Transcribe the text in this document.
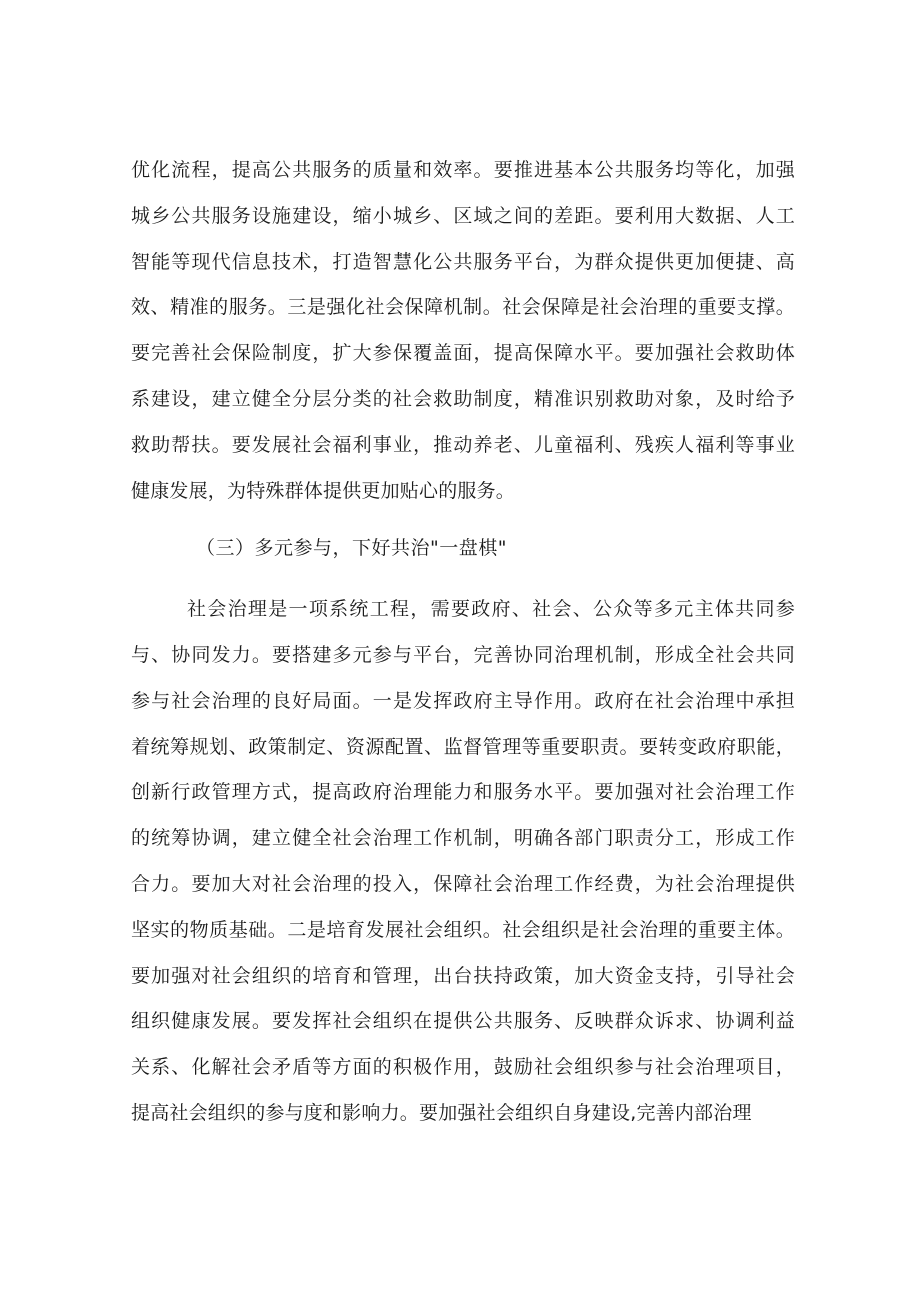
优化流程，提高公共服务的质量和效率。要推进基本公共服务均等化，加强
城乡公共服务设施建设，缩小城乡、区域之间的差距。要利用大数据、人工
智能等现代信息技术，打造智慧化公共服务平台，为群众提供更加便捷、高
效、精准的服务。三是强化社会保障机制。社会保障是社会治理的重要支撑。
要完善社会保险制度，扩大参保覆盖面，提高保障水平。要加强社会救助体
系建设，建立健全分层分类的社会救助制度，精准识别救助对象，及时给予
救助帮扶。要发展社会福利事业，推动养老、儿童福利、残疾人福利等事业
健康发展，为特殊群体提供更加贴心的服务。
（三）多元参与，下好共治"一盘棋"
社会治理是一项系统工程，需要政府、社会、公众等多元主体共同参
与、协同发力。要搭建多元参与平台，完善协同治理机制，形成全社会共同
参与社会治理的良好局面。一是发挥政府主导作用。政府在社会治理中承担
着统筹规划、政策制定、资源配置、监督管理等重要职责。要转变政府职能，
创新行政管理方式，提高政府治理能力和服务水平。要加强对社会治理工作
的统筹协调，建立健全社会治理工作机制，明确各部门职责分工，形成工作
合力。要加大对社会治理的投入，保障社会治理工作经费，为社会治理提供
坚实的物质基础。二是培育发展社会组织。社会组织是社会治理的重要主体。
要加强对社会组织的培育和管理，出台扶持政策，加大资金支持，引导社会
组织健康发展。要发挥社会组织在提供公共服务、反映群众诉求、协调利益
关系、化解社会矛盾等方面的积极作用，鼓励社会组织参与社会治理项目，
提高社会组织的参与度和影响力。要加强社会组织自身建设,完善内部治理
